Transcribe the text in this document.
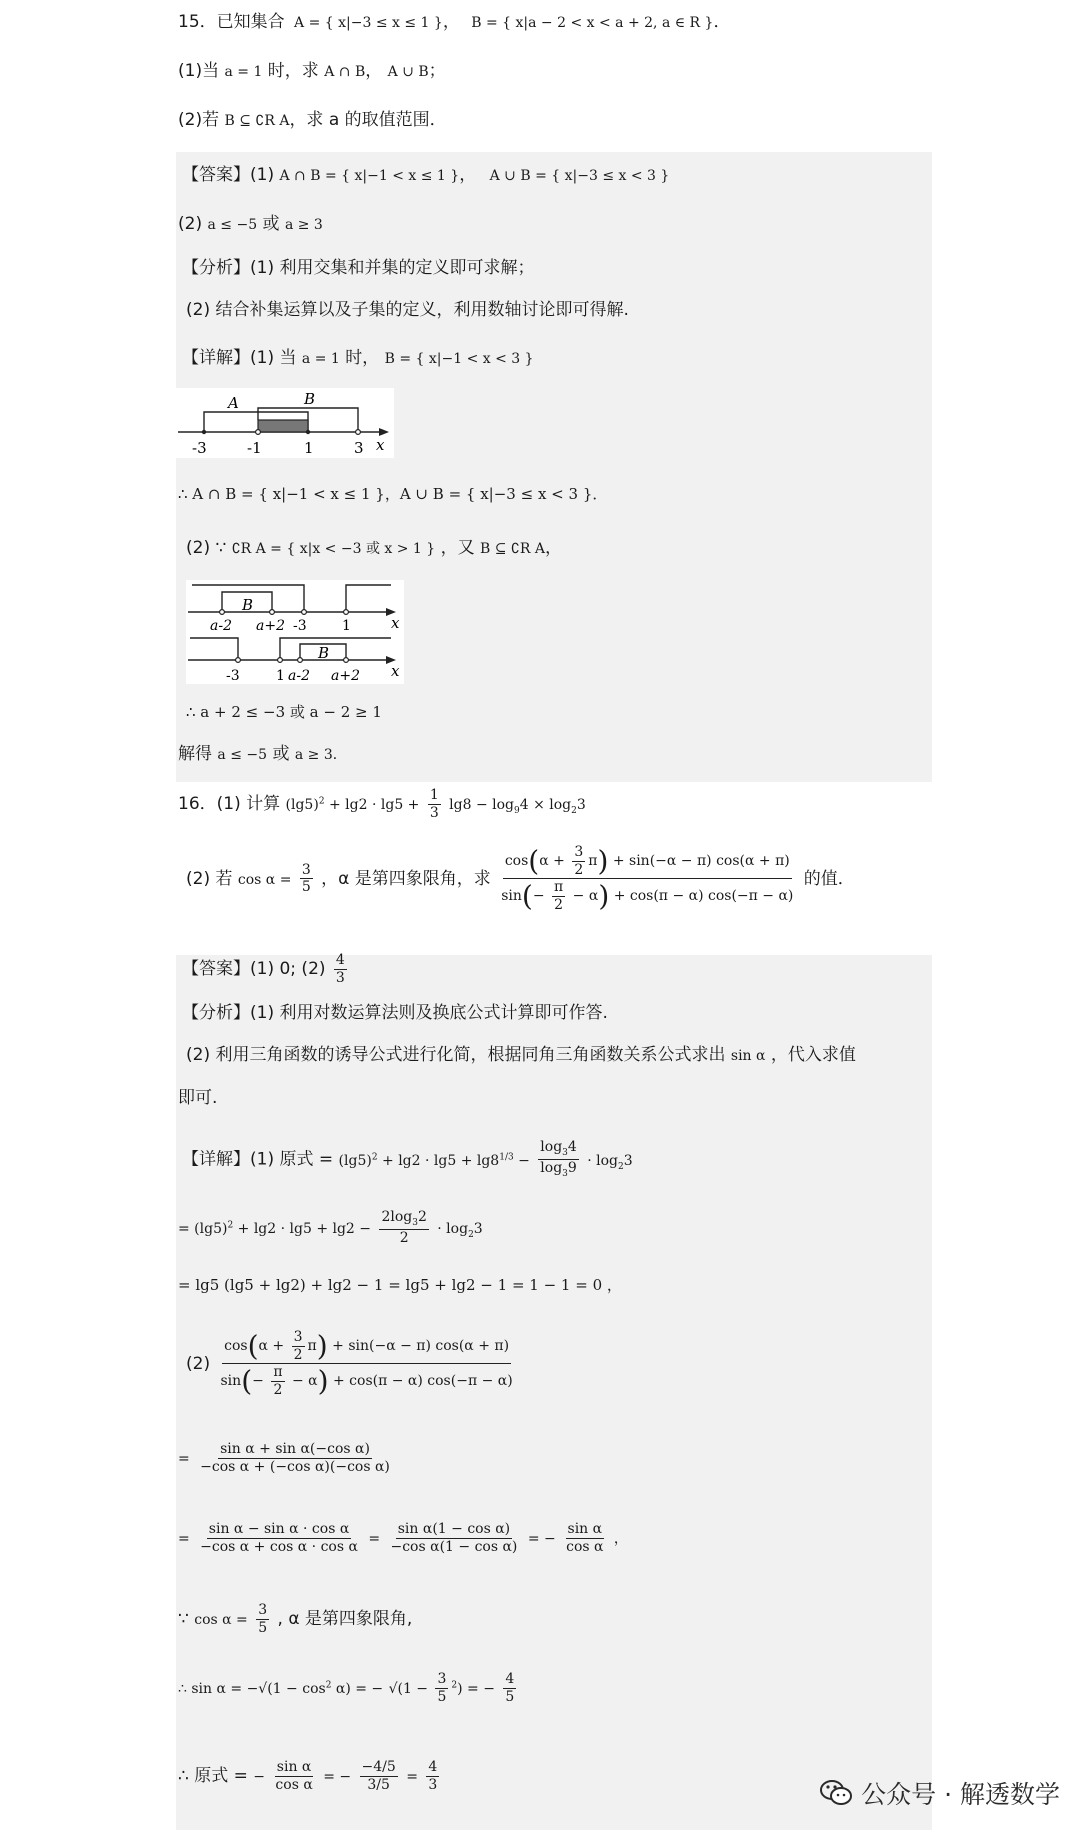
15．已知集合 A = { x|−3 ≤ x ≤ 1 }， B = { x|a − 2 < x < a + 2, a ∈ R }．
(1)当 a = 1 时，求 A ∩ B， A ∪ B；
(2)若 B ⊆ ∁R A，求 a 的取值范围．
【答案】(1) A ∩ B = { x|−1 < x ≤ 1 }， A ∪ B = { x|−3 ≤ x < 3 }
(2) a ≤ −5 或 a ≥ 3
【分析】(1) 利用交集和并集的定义即可求解；
(2) 结合补集运算以及子集的定义，利用数轴讨论即可得解.
【详解】(1) 当 a = 1 时， B = { x|−1 < x < 3 }
A	B
-3	-1	1	3 x
∴ A ∩ B = { x|−1 < x ≤ 1 }，A ∪ B = { x|−3 ≤ x < 3 }．
(2) ∵ ∁R A = { x|x < −3 或 x > 1 } ，又 B ⊆ ∁R A，
B
a-2 a+2 -3	1	x
B
-3	1 a-2 a+2 x
∴ a + 2 ≤ −3 或 a − 2 ≥ 1
解得 a ≤ −5 或 a ≥ 3．
16．(1) 计算 $(\lg 5)^2 + \lg 2 \cdot \lg 5 + \frac{1}{3} \lg 8 - \log_94 \times \log_23$
(2) 若 $\cos \alpha = \frac{3}{5}$ ，α 是第四象限角，求 $\frac{\cos(\alpha + \frac{3}{2} \pi) + \sin(-\alpha - \pi) \cos(\alpha + \pi)}{\sin(- \frac{\pi}{2} - \alpha) + \cos(\pi - \alpha) \cos(-\pi - \alpha)}$ 的值．
【答案】(1) 0; $(2) \frac{4}{3}$
【分析】(1) 利用对数运算法则及换底公式计算即可作答.
(2) 利用三角函数的诱导公式进行化简，根据同角三角函数关系公式求出 sin α ，代入求值
即可.
【详解】(1) 原式 = $(\lg 5)^2 + \lg 2 \cdot \lg 5 + \lg 8^{1/3} - \frac{\log_34}{\log_39} \cdot \log_23$
= $(\lg 5)^2 + \lg 2 \cdot \lg 5 + \lg 2 - \frac{2\log_32}{2} \cdot \log_23$
= lg5 (lg5 + lg2) + lg2 − 1 = lg5 + lg2 − 1 = 1 − 1 = 0 ，
$(2) \frac{\cos(\alpha + \frac{3}{2} \pi) + \sin(-\alpha - \pi) \cos(\alpha + \pi)}{\sin(- \frac{\pi}{2} - \alpha) + \cos(\pi - \alpha) \cos(-\pi - \alpha)}$
= $\frac{\text{sin α + sin α(−cos α)}}{\text{−cos α + (−cos α)(−cos α)}}$
= $\frac{\text{sin α − sin α · cos α}}{\text{−cos α + cos α · cos α}} = \frac{\text{sin α(1 − cos α)}}{\text{−cos α(1 − cos α)}}$ = − $\frac{\text{sin α}}{\text{cos α}}$ ，
∵ $\cos \alpha = \frac{3}{5}$ , α 是第四象限角,
∴ $\sin \alpha = -√(1 - \cos^2 \alpha)$ = − $√(1 - \frac{3}{5} ^2)$ = − $\frac{4}{5}$
∴ 原式 = − $\frac{\text{sin α}}{\text{cos α}}$ = − $\frac{-4/5}{3/5} = \frac{4}{3}$
公众号 · 解透数学
